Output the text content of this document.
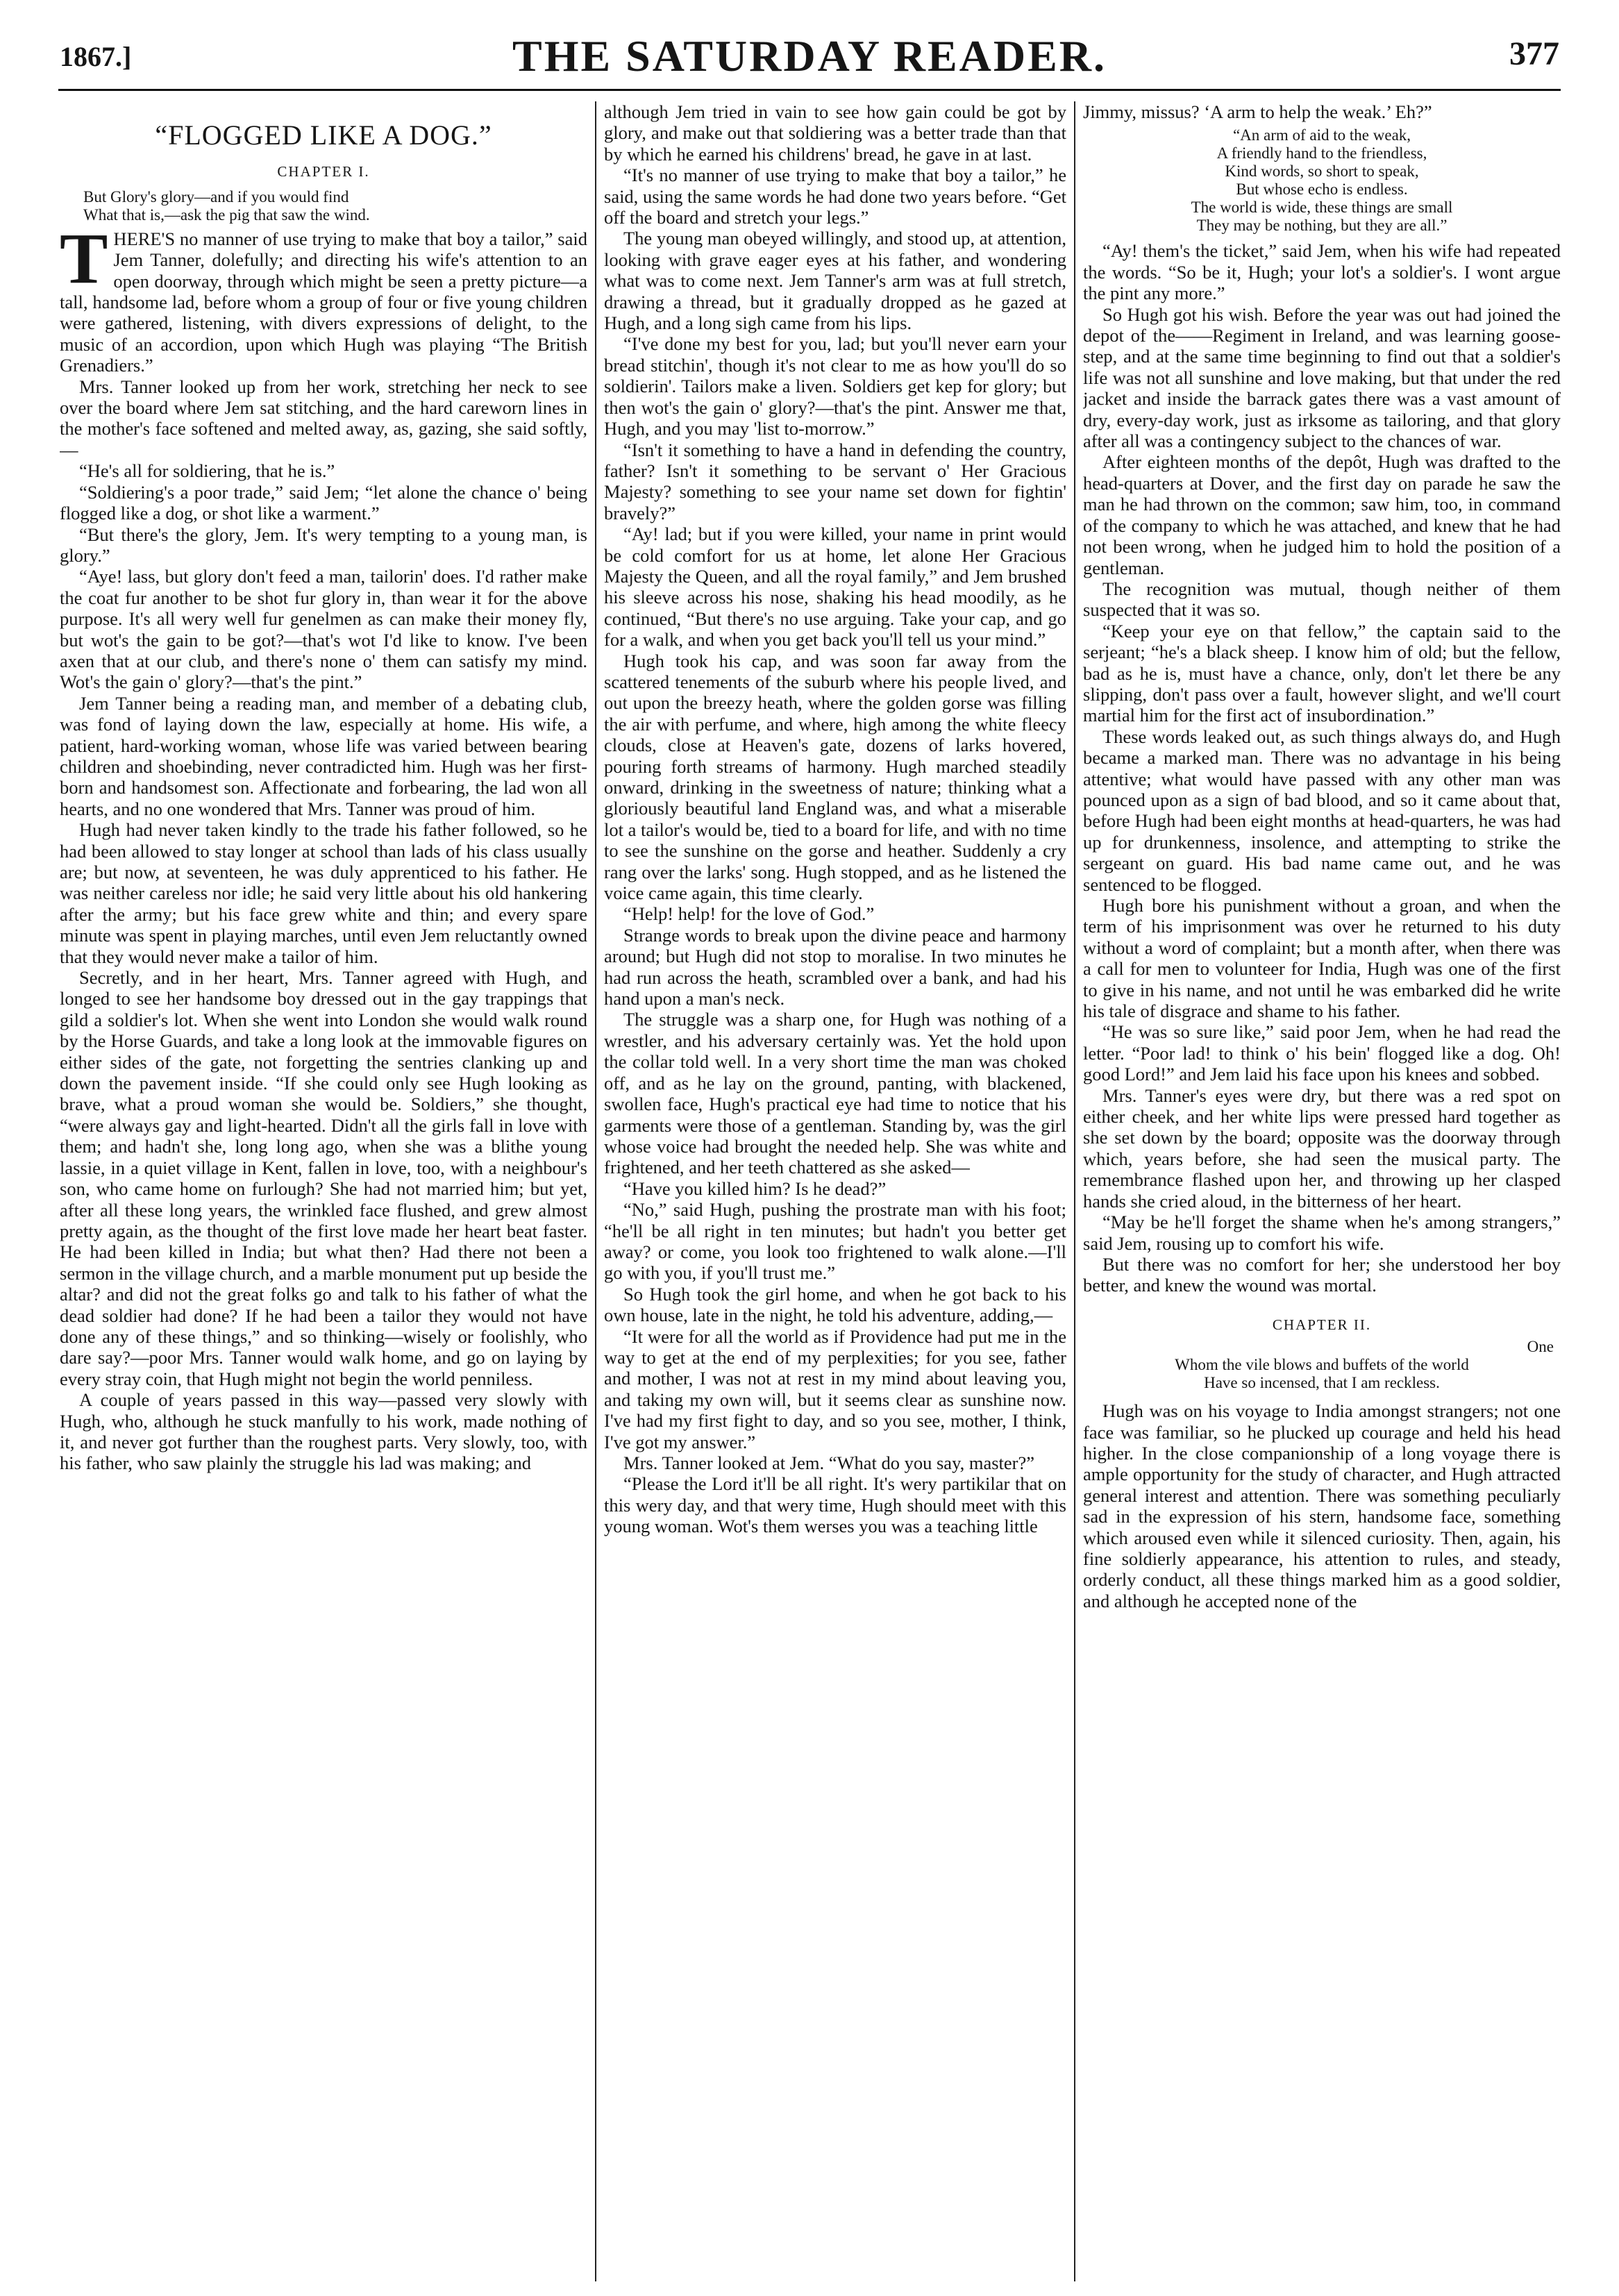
1867.]	THE SATURDAY READER.	377
“FLOGGED LIKE A DOG.”
CHAPTER I.
But Glory's glory—and if you would find
What that is,—ask the pig that saw the wind.

THERE'S no manner of use trying to make that boy a tailor,” said Jem Tanner, dolefully; and directing his wife's attention to an open doorway, through which might be seen a pretty picture—a tall, handsome lad, before whom a group of four or five young children were gathered, listening, with divers expressions of delight, to the music of an accordion, upon which Hugh was playing “The British Grenadiers.”

Mrs. Tanner looked up from her work, stretching her neck to see over the board where Jem sat stitching, and the hard careworn lines in the mother's face softened and melted away, as, gazing, she said softly,—

“He's all for soldiering, that he is.”

“Soldiering's a poor trade,” said Jem; “let alone the chance o' being flogged like a dog, or shot like a warment.”

“But there's the glory, Jem. It's wery tempting to a young man, is glory.”

“Aye! lass, but glory don't feed a man, tailorin' does. I'd rather make the coat fur another to be shot fur glory in, than wear it for the above purpose. It's all wery well fur genelmen as can make their money fly, but wot's the gain to be got?—that's wot I'd like to know. I've been axen that at our club, and there's none o' them can satisfy my mind. Wot's the gain o' glory?—that's the pint.”

Jem Tanner being a reading man, and member of a debating club, was fond of laying down the law, especially at home. His wife, a patient, hard-working woman, whose life was varied between bearing children and shoebinding, never contradicted him. Hugh was her first-born and handsomest son. Affectionate and forbearing, the lad won all hearts, and no one wondered that Mrs. Tanner was proud of him.

Hugh had never taken kindly to the trade his father followed, so he had been allowed to stay longer at school than lads of his class usually are; but now, at seventeen, he was duly apprenticed to his father. He was neither careless nor idle; he said very little about his old hankering after the army; but his face grew white and thin; and every spare minute was spent in playing marches, until even Jem reluctantly owned that they would never make a tailor of him.

Secretly, and in her heart, Mrs. Tanner agreed with Hugh, and longed to see her handsome boy dressed out in the gay trappings that gild a soldier's lot. When she went into London she would walk round by the Horse Guards, and take a long look at the immovable figures on either sides of the gate, not forgetting the sentries clanking up and down the pavement inside. “If she could only see Hugh looking as brave, what a proud woman she would be. Soldiers,” she thought, “were always gay and light-hearted. Didn't all the girls fall in love with them; and hadn't she, long long ago, when she was a blithe young lassie, in a quiet village in Kent, fallen in love, too, with a neighbour's son, who came home on furlough? She had not married him; but yet, after all these long years, the wrinkled face flushed, and grew almost pretty again, as the thought of the first love made her heart beat faster. He had been killed in India; but what then? Had there not been a sermon in the village church, and a marble monument put up beside the altar? and did not the great folks go and talk to his father of what the dead soldier had done? If he had been a tailor they would not have done any of these things,” and so thinking—wisely or foolishly, who dare say?—poor Mrs. Tanner would walk home, and go on laying by every stray coin, that Hugh might not begin the world penniless.

A couple of years passed in this way—passed very slowly with Hugh, who, although he stuck manfully to his work, made nothing of it, and never got further than the roughest parts. Very slowly, too, with his father, who saw plainly the struggle his lad was making; and

although Jem tried in vain to see how gain could be got by glory, and make out that soldiering was a better trade than that by which he earned his childrens' bread, he gave in at last.

“It's no manner of use trying to make that boy a tailor,” he said, using the same words he had done two years before. “Get off the board and stretch your legs.”

The young man obeyed willingly, and stood up, at attention, looking with grave eager eyes at his father, and wondering what was to come next. Jem Tanner's arm was at full stretch, drawing a thread, but it gradually dropped as he gazed at Hugh, and a long sigh came from his lips.

“I've done my best for you, lad; but you'll never earn your bread stitchin', though it's not clear to me as how you'll do so soldierin'. Tailors make a liven. Soldiers get kep for glory; but then wot's the gain o' glory?—that's the pint. Answer me that, Hugh, and you may 'list to-morrow.”

“Isn't it something to have a hand in defending the country, father? Isn't it something to be servant o' Her Gracious Majesty? something to see your name set down for fightin' bravely?”

“Ay! lad; but if you were killed, your name in print would be cold comfort for us at home, let alone Her Gracious Majesty the Queen, and all the royal family,” and Jem brushed his sleeve across his nose, shaking his head moodily, as he continued, “But there's no use arguing. Take your cap, and go for a walk, and when you get back you'll tell us your mind.”

Hugh took his cap, and was soon far away from the scattered tenements of the suburb where his people lived, and out upon the breezy heath, where the golden gorse was filling the air with perfume, and where, high among the white fleecy clouds, close at Heaven's gate, dozens of larks hovered, pouring forth streams of harmony. Hugh marched steadily onward, drinking in the sweetness of nature; thinking what a gloriously beautiful land England was, and what a miserable lot a tailor's would be, tied to a board for life, and with no time to see the sunshine on the gorse and heather. Suddenly a cry rang over the larks' song. Hugh stopped, and as he listened the voice came again, this time clearly.

“Help! help! for the love of God.”

Strange words to break upon the divine peace and harmony around; but Hugh did not stop to moralise. In two minutes he had run across the heath, scrambled over a bank, and had his hand upon a man's neck.

The struggle was a sharp one, for Hugh was nothing of a wrestler, and his adversary certainly was. Yet the hold upon the collar told well. In a very short time the man was choked off, and as he lay on the ground, panting, with blackened, swollen face, Hugh's practical eye had time to notice that his garments were those of a gentleman. Standing by, was the girl whose voice had brought the needed help. She was white and frightened, and her teeth chattered as she asked—

“Have you killed him? Is he dead?”

“No,” said Hugh, pushing the prostrate man with his foot; “he'll be all right in ten minutes; but hadn't you better get away? or come, you look too frightened to walk alone.—I'll go with you, if you'll trust me.”

So Hugh took the girl home, and when he got back to his own house, late in the night, he told his adventure, adding,—

“It were for all the world as if Providence had put me in the way to get at the end of my perplexities; for you see, father and mother, I was not at rest in my mind about leaving you, and taking my own will, but it seems clear as sunshine now. I've had my first fight to day, and so you see, mother, I think, I've got my answer.”

Mrs. Tanner looked at Jem. “What do you say, master?”

“Please the Lord it'll be all right. It's wery partikilar that on this wery day, and that wery time, Hugh should meet with this young woman. Wot's them werses you was a teaching little

Jimmy, missus? ‘A arm to help the weak.’ Eh?”

“An arm of aid to the weak,
A friendly hand to the friendless,
Kind words, so short to speak,
But whose echo is endless.
The world is wide, these things are small
They may be nothing, but they are all.”

“Ay! them's the ticket,” said Jem, when his wife had repeated the words. “So be it, Hugh; your lot's a soldier's. I wont argue the pint any more.”

So Hugh got his wish. Before the year was out had joined the depot of the——Regiment in Ireland, and was learning goose-step, and at the same time beginning to find out that a soldier's life was not all sunshine and love making, but that under the red jacket and inside the barrack gates there was a vast amount of dry, every-day work, just as irksome as tailoring, and that glory after all was a contingency subject to the chances of war.

After eighteen months of the depôt, Hugh was drafted to the head-quarters at Dover, and the first day on parade he saw the man he had thrown on the common; saw him, too, in command of the company to which he was attached, and knew that he had not been wrong, when he judged him to hold the position of a gentleman.

The recognition was mutual, though neither of them suspected that it was so.

“Keep your eye on that fellow,” the captain said to the serjeant; “he's a black sheep. I know him of old; but the fellow, bad as he is, must have a chance, only, don't let there be any slipping, don't pass over a fault, however slight, and we'll court martial him for the first act of insubordination.”

These words leaked out, as such things always do, and Hugh became a marked man. There was no advantage in his being attentive; what would have passed with any other man was pounced upon as a sign of bad blood, and so it came about that, before Hugh had been eight months at head-quarters, he was had up for drunkenness, insolence, and attempting to strike the sergeant on guard. His bad name came out, and he was sentenced to be flogged.

Hugh bore his punishment without a groan, and when the term of his imprisonment was over he returned to his duty without a word of complaint; but a month after, when there was a call for men to volunteer for India, Hugh was one of the first to give in his name, and not until he was embarked did he write his tale of disgrace and shame to his father.

“He was so sure like,” said poor Jem, when he had read the letter. “Poor lad! to think o' his bein' flogged like a dog. Oh! good Lord!” and Jem laid his face upon his knees and sobbed.

Mrs. Tanner's eyes were dry, but there was a red spot on either cheek, and her white lips were pressed hard together as she set down by the board; opposite was the doorway through which, years before, she had seen the musical party. The remembrance flashed upon her, and throwing up her clasped hands she cried aloud, in the bitterness of her heart.

“May be he'll forget the shame when he's among strangers,” said Jem, rousing up to comfort his wife.

But there was no comfort for her; she understood her boy better, and knew the wound was mortal.

CHAPTER II.
One
Whom the vile blows and buffets of the world
Have so incensed, that I am reckless.

Hugh was on his voyage to India amongst strangers; not one face was familiar, so he plucked up courage and held his head higher. In the close companionship of a long voyage there is ample opportunity for the study of character, and Hugh attracted general interest and attention. There was something peculiarly sad in the expression of his stern, handsome face, something which aroused even while it silenced curiosity. Then, again, his fine soldierly appearance, his attention to rules, and steady, orderly conduct, all these things marked him as a good soldier, and although he accepted none of the
